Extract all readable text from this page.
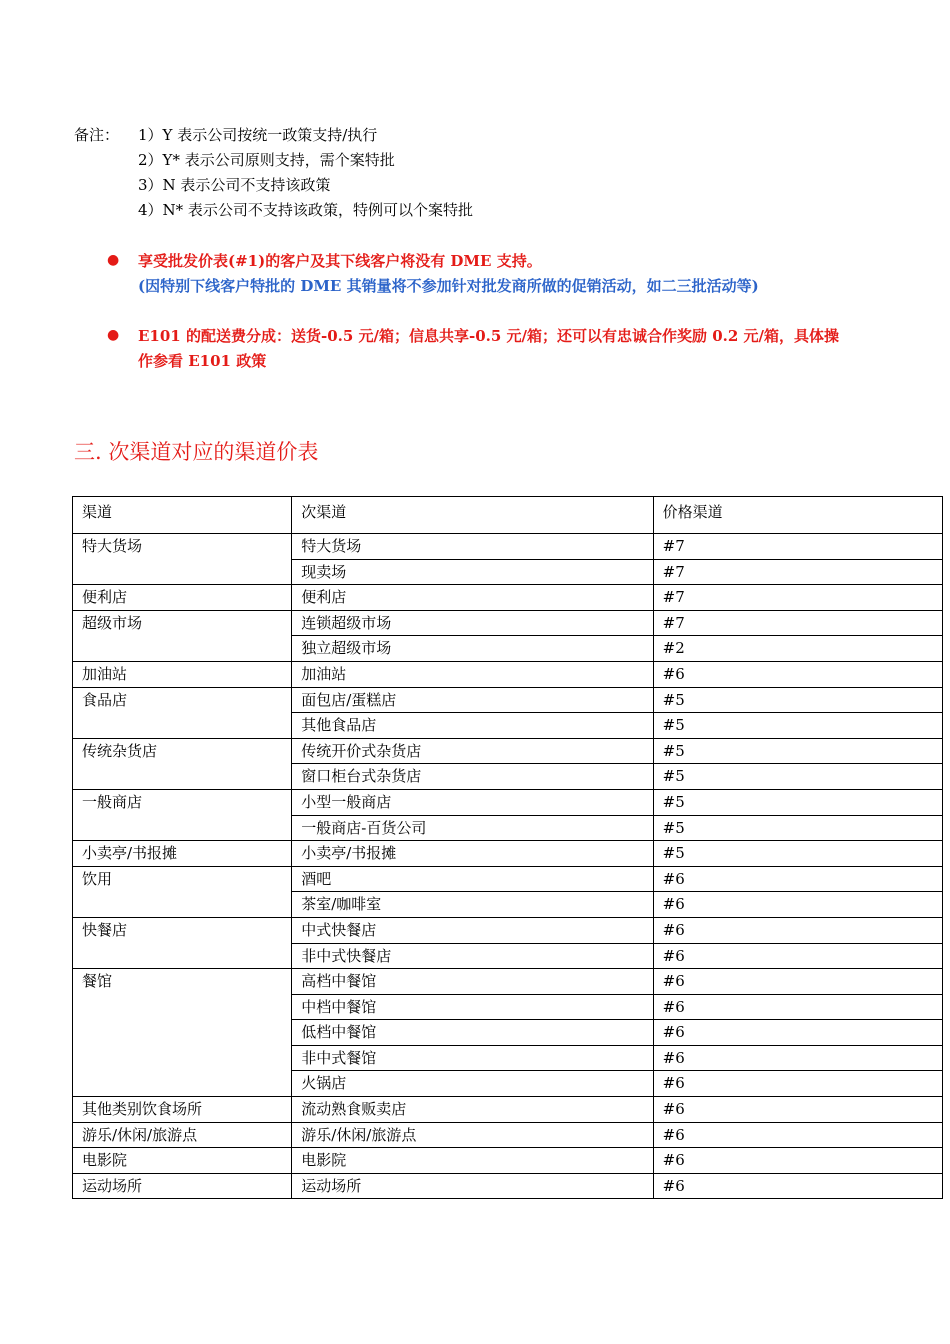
备注： 1）Y 表示公司按统一政策支持/执行
2）Y* 表示公司原则支持，需个案特批
3）N 表示公司不支持该政策
4）N* 表示公司不支持该政策，特例可以个案特批
● 享受批发价表(#1)的客户及其下线客户将没有 DME 支持。
(因特别下线客户特批的 DME 其销量将不参加针对批发商所做的促销活动，如二三批活动等)
● E101 的配送费分成：送货-0.5 元/箱；信息共享-0.5 元/箱；还可以有忠诚合作奖励 0.2 元/箱，具体操
作参看 E101 政策
三. 次渠道对应的渠道价表
渠道	次渠道	价格渠道
特大货场	特大货场	#7
	现卖场	#7
便利店	便利店	#7
超级市场	连锁超级市场	#7
	独立超级市场	#2
加油站	加油站	#6
食品店	面包店/蛋糕店	#5
	其他食品店	#5
传统杂货店	传统开价式杂货店	#5
	窗口柜台式杂货店	#5
一般商店	小型一般商店	#5
	一般商店-百货公司	#5
小卖亭/书报摊	小卖亭/书报摊	#5
饮用	酒吧	#6
	茶室/咖啡室	#6
快餐店	中式快餐店	#6
	非中式快餐店	#6
餐馆	高档中餐馆	#6
	中档中餐馆	#6
	低档中餐馆	#6
	非中式餐馆	#6
	火锅店	#6
其他类别饮食场所	流动熟食贩卖店	#6
游乐/休闲/旅游点	游乐/休闲/旅游点	#6
电影院	电影院	#6
运动场所	运动场所	#6
